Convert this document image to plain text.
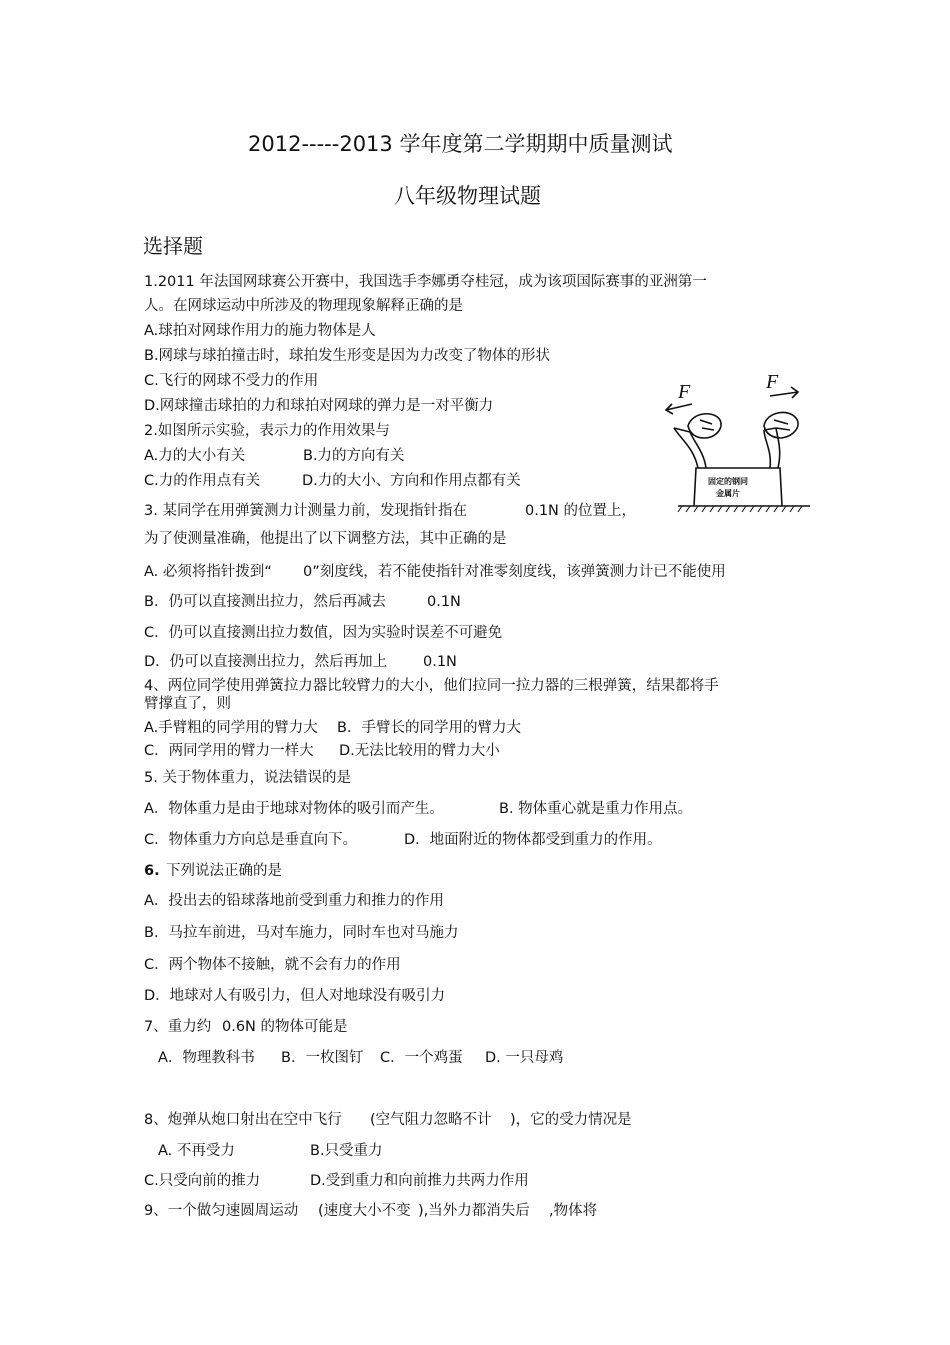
2012-----2013 学年度第二学期期中质量测试
八年级物理试题
选择题
1.2011 年法国网球赛公开赛中，我国选手李娜勇夺桂冠，成为该项国际赛事的亚洲第一
人。在网球运动中所涉及的物理现象解释正确的是
A.球拍对网球作用力的施力物体是人
B.网球与球拍撞击时，球拍发生形变是因为力改变了物体的形状
C.飞行的网球不受力的作用
D.网球撞击球拍的力和球拍对网球的弹力是一对平衡力
2.如图所示实验，表示力的作用效果与
A.力的大小有关	B.力的方向有关
C.力的作用点有关	D.力的大小、方向和作用点都有关
3. 某同学在用弹簧测力计测量力前，发现指针指在	0.1N 的位置上，
为了使测量准确，他提出了以下调整方法，其中正确的是
A. 必须将指针拨到“ 0”刻度线，若不能使指针对准零刻度线，该弹簧测力计已不能使用
B．仍可以直接测出拉力，然后再减去	0.1N
C．仍可以直接测出拉力数值，因为实验时误差不可避免
D．仍可以直接测出拉力，然后再加上 0.1N
4、两位同学使用弹簧拉力器比较臂力的大小，他们拉同一拉力器的三根弹簧，结果都将手
臂撑直了，则
A.手臂粗的同学用的臂力大 B．手臂长的同学用的臂力大
C．两同学用的臂力一样大 D.无法比较用的臂力大小
5. 关于物体重力，说法错误的是
A．物体重力是由于地球对物体的吸引而产生。	B. 物体重心就是重力作用点。
C．物体重力方向总是垂直向下。	D．地面附近的物体都受到重力的作用。
6. 下列说法正确的是
A．投出去的铅球落地前受到重力和推力的作用
B．马拉车前进，马对车施力，同时车也对马施力
C．两个物体不接触，就不会有力的作用
D．地球对人有吸引力，但人对地球没有吸引力
7、重力约 0.6N 的物体可能是
A．物理教科书 B．一枚图钉 C．一个鸡蛋 D. 一只母鸡
8、炮弹从炮口射出在空中飞行 (空气阻力忽略不计 )，它的受力情况是
A. 不再受力	B.只受重力
C.只受向前的推力	D.受到重力和向前推力共两力作用
9、一个做匀速圆周运动 (速度大小不变 ),当外力都消失后 ,物体将
F	F
固定的钢同
金属片
